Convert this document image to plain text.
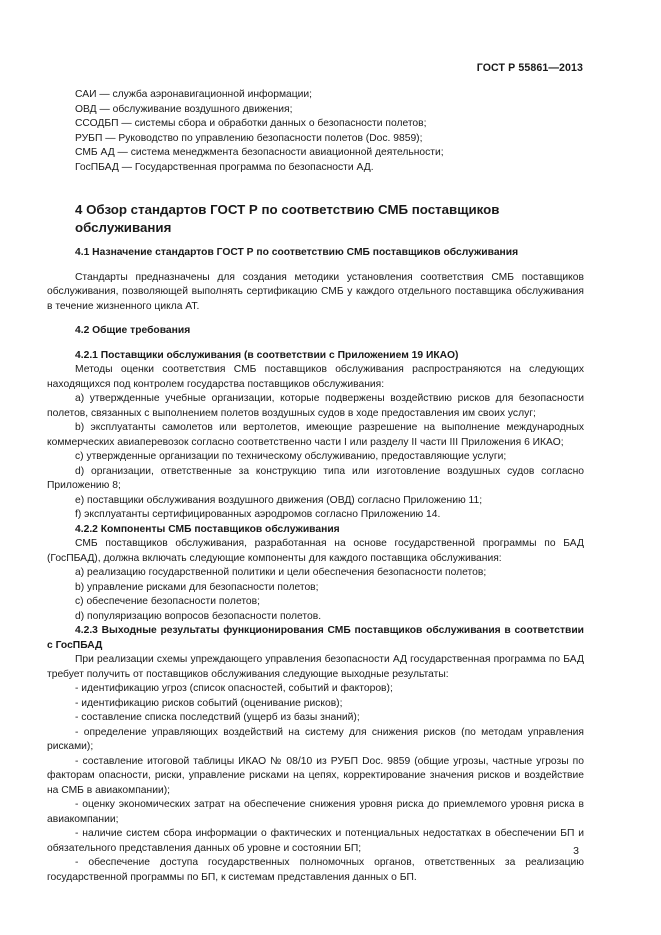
ГОСТ Р 55861—2013
САИ — служба аэронавигационной информации;
ОВД — обслуживание воздушного движения;
ССОДБП — системы сбора и обработки данных о безопасности полетов;
РУБП — Руководство по управлению безопасности полетов (Doc. 9859);
СМБ АД — система менеджмента безопасности авиационной деятельности;
ГосПБАД — Государственная программа по безопасности АД.
4 Обзор стандартов ГОСТ Р по соответствию СМБ поставщиков обслуживания
4.1 Назначение стандартов ГОСТ Р по соответствию СМБ поставщиков обслуживания

Стандарты предназначены для создания методики установления соответствия СМБ поставщиков обслуживания, позволяющей выполнять сертификацию СМБ у каждого отдельного поставщика обслуживания в течение жизненного цикла АТ.

4.2 Общие требования
4.2.1 Поставщики обслуживания (в соответствии с Приложением 19 ИКАО)

Методы оценки соответствия СМБ поставщиков обслуживания распространяются на следующих находящихся под контролем государства поставщиков обслуживания:

а) утвержденные учебные организации, которые подвержены воздействию рисков для безопасности полетов, связанных с выполнением полетов воздушных судов в ходе предоставления им своих услуг;

b) эксплуатанты самолетов или вертолетов, имеющие разрешение на выполнение международных коммерческих авиаперевозок согласно соответственно части I или разделу II части III Приложения 6 ИКАО;

c) утвержденные организации по техническому обслуживанию, предоставляющие услуги;

d) организации, ответственные за конструкцию типа или изготовление воздушных судов согласно Приложению 8;

e) поставщики обслуживания воздушного движения (ОВД) согласно Приложению 11;

f) эксплуатанты сертифицированных аэродромов согласно Приложению 14.

4.2.2 Компоненты СМБ поставщиков обслуживания

СМБ поставщиков обслуживания, разработанная на основе государственной программы по БАД (ГосПБАД), должна включать следующие компоненты для каждого поставщика обслуживания:

а) реализацию государственной политики и цели обеспечения безопасности полетов;

b) управление рисками для безопасности полетов;

c) обеспечение безопасности полетов;

d) популяризацию вопросов безопасности полетов.

4.2.3 Выходные результаты функционирования СМБ поставщиков обслуживания в соответствии с ГосПБАД

При реализации схемы упреждающего управления безопасности АД государственная программа по БАД требует получить от поставщиков обслуживания следующие выходные результаты:

- идентификацию угроз (список опасностей, событий и факторов);

- идентификацию рисков событий (оценивание рисков);

- составление списка последствий (ущерб из базы знаний);

- определение управляющих воздействий на систему для снижения рисков (по методам управления рисками);

- составление итоговой таблицы ИКАО № 08/10 из РУБП Doc. 9859 (общие угрозы, частные угрозы по факторам опасности, риски, управление рисками на цепях, корректирование значения рисков и воздействие на СМБ в авиакомпании);

- оценку экономических затрат на обеспечение снижения уровня риска до приемлемого уровня риска в авиакомпании;

- наличие систем сбора информации о фактических и потенциальных недостатках в обеспечении БП и обязательного представления данных об уровне и состоянии БП;

- обеспечение доступа государственных полномочных органов, ответственных за реализацию государственной программы по БП, к системам представления данных о БП.

3
